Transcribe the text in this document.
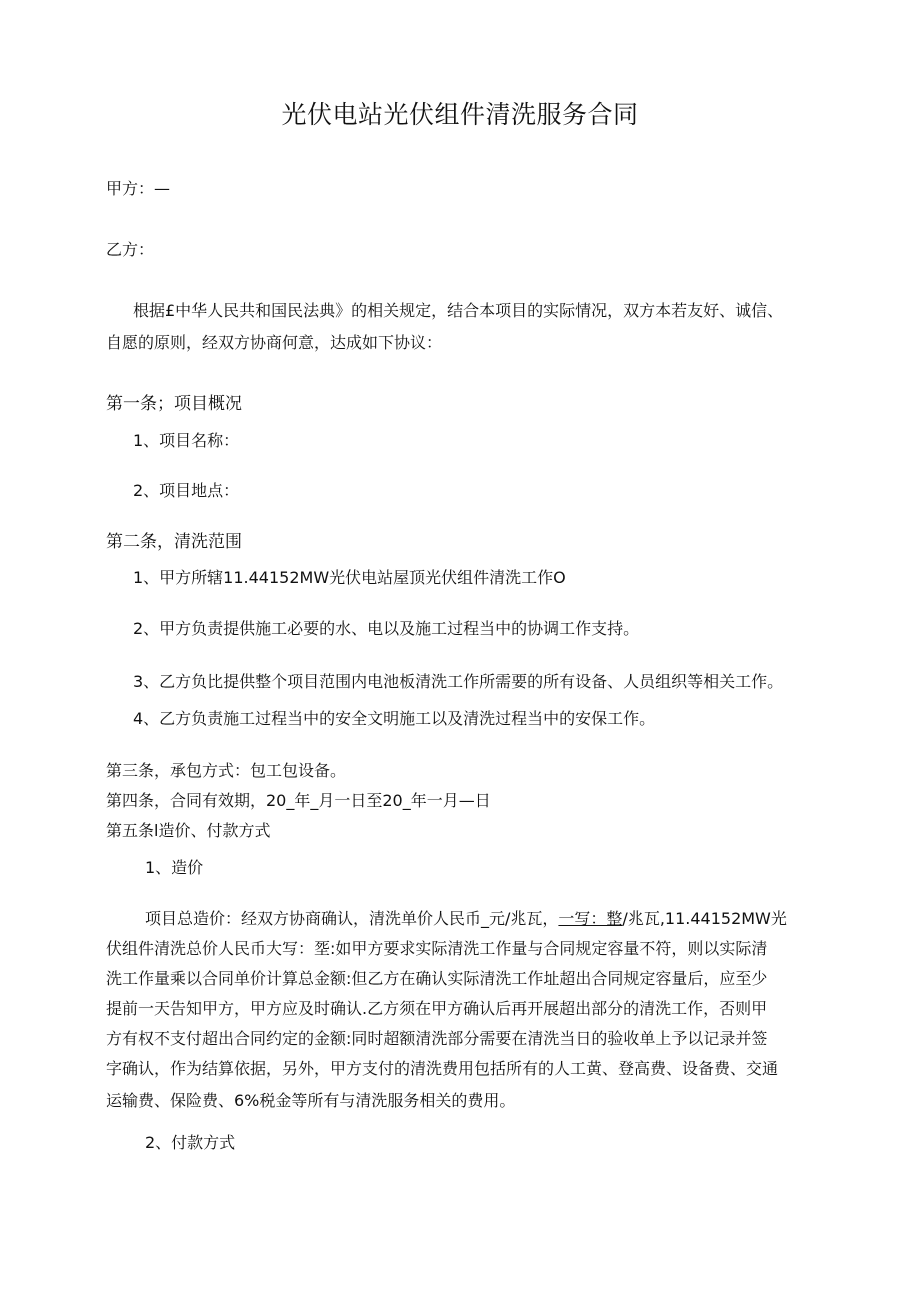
光伏电站光伏组件清洗服务合同
甲方：—
乙方：
根据£中华人民共和国民法典》的相关规定，结合本项目的实际情况，双方本若友好、诚信、
自愿的原则，经双方协商何意，达成如下协议：
第一条；项目概况
1、项目名称：
2、项目地点：
第二条，清洗范围
1、甲方所辖11.44152MW光伏电站屋顶光伏组件清洗工作O
2、甲方负责提供施工必要的水、电以及施工过程当中的协调工作支持。
3、乙方负比提供整个项目范围内电池板清洗工作所需要的所有设备、人员组织等相关工作。
4、乙方负责施工过程当中的安全文明施工以及清洗过程当中的安保工作。
第三条，承包方式：包工包设备。
第四条，合同有效期，20_年_月一日至20_年一月—日
第五条l造价、付款方式
1、造价
项目总造价：经双方协商确认，清洗单价人民币_元/兆瓦，一写：整/兆瓦,11.44152MW光
伏组件清洗总价人民币大写：㘸:如甲方要求实际清洗工作量与合同规定容量不符，则以实际清
洗工作量乘以合同单价计算总金额:但乙方在确认实际清洗工作址超出合同规定容量后，应至少
提前一天告知甲方，甲方应及时确认.乙方须在甲方确认后再开展超出部分的清洗工作，否则甲
方有权不支付超出合同约定的金额:同时超额清洗部分需要在清洗当日的验收单上予以记录并签
字确认，作为结算依据，另外，甲方支付的清洗费用包括所有的人工黄、登高费、设备费、交通
运输费、保险费、6%税金等所有与清洗服务相关的费用。
2、付款方式
